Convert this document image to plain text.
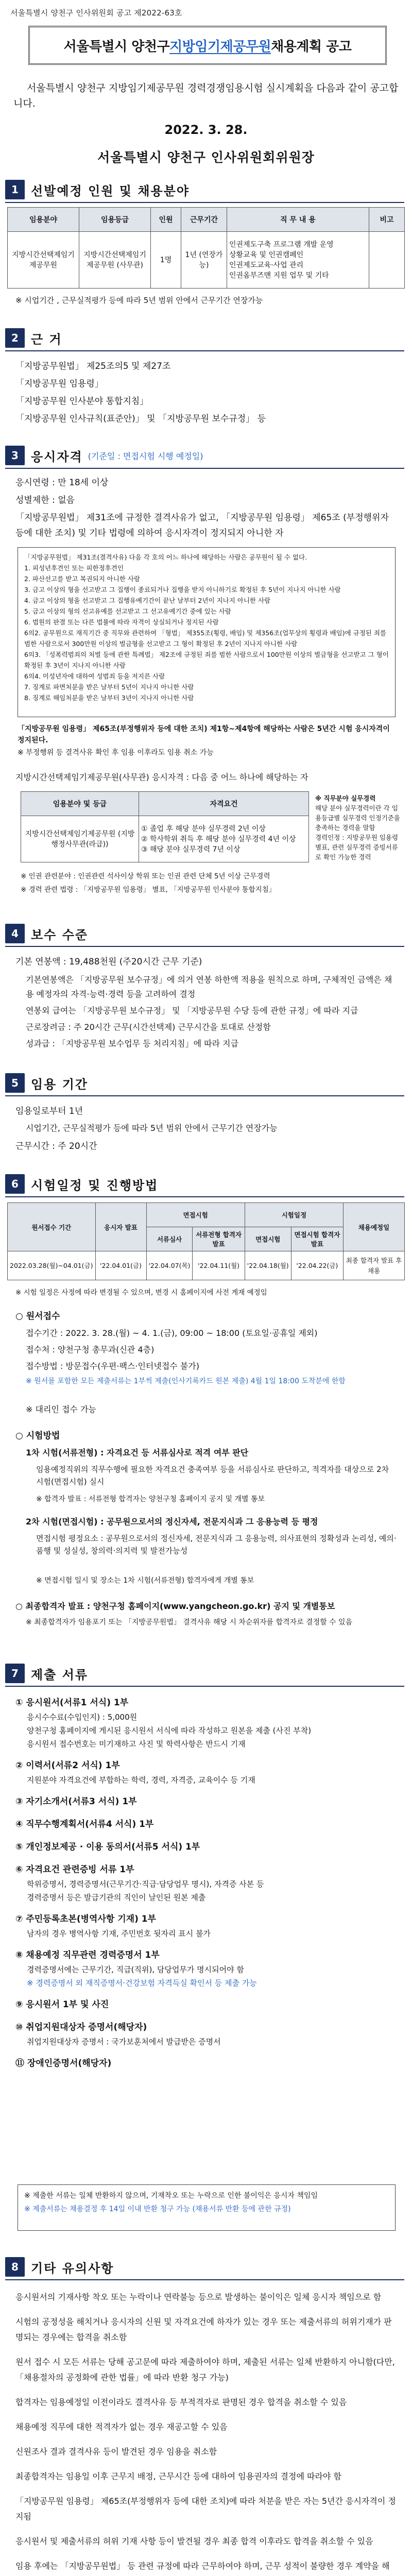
서울특별시 양천구 인사위원회 공고 제2022-63호
서울특별시 양천구 지방임기제공무원 채용계획 공고
서울특별시 양천구 지방임기제공무원 경력경쟁임용시험 실시계획을 다음과 같이 공고합니다.
2022. 3. 28.
서울특별시 양천구 인사위원회위원장
1	선발예정 인원 및 채용분야
임용분야	임용등급	인원	근무기간	직 무 내 용	비고
지방시간선택제임기제공무원	지방시간선택제임기제공무원 (사무관)	1명	1년 (연장가능)	인권제도구축 프로그램 개발 운영
상황교육 및 인권캠페인
인권제도교육·사업 관리
인권옴부즈맨 지원 업무 및 기타	

※ 시업기간 , 근무실적평가 등에 따라 5년 범위 안에서 근무기간 연장가능
2	근 거
「지방공무원법」 제25조의5 및 제27조
「지방공무원 임용령」
「지방공무원 인사분야 통합지침」
「지방공무원 인사규칙(표준안)」 및 「지방공무원 보수규정」 등
3	응시자격 (기준일 : 면접시험 시행 예정일)
응시연령 : 만 18세 이상
성별제한 : 없음
「지방공무원법」 제31조에 규정한 결격사유가 없고, 「지방공무원 임용령」 제65조 (부정행위자 등에 대한 조치) 및 기타 법령에 의하여 응시자격이 정지되지 아니한 자
「지방공무원법」 제31조(결격사유) 다음 각 호의 어느 하나에 해당하는 사람은 공무원이 될 수 없다.
1. 피성년후견인 또는 피한정후견인
2. 파산선고를 받고 복권되지 아니한 사람
3. 금고 이상의 형을 선고받고 그 집행이 종료되거나 집행을 받지 아니하기로 확정된 후 5년이 지나지 아니한 사람
4. 금고 이상의 형을 선고받고 그 집행유예기간이 끝난 날부터 2년이 지나지 아니한 사람
5. 금고 이상의 형의 선고유예를 선고받고 그 선고유예기간 중에 있는 사람
6. 법원의 판결 또는 다른 법률에 따라 자격이 상실되거나 정지된 사람
6의2. 공무원으로 재직기간 중 직무와 관련하여 「형법」 제355조(횡령, 배임) 및 제356조(업무상의 횡령과 배임)에 규정된 죄를 범한 사람으로서 300만원 이상의 벌금형을 선고받고 그 형이 확정된 후 2년이 지나지 아니한 사람
6의3. 「성폭력범죄의 처벌 등에 관한 특례법」 제2조에 규정된 죄를 범한 사람으로서 100만원 이상의 벌금형을 선고받고 그 형이 확정된 후 3년이 지나지 아니한 사람
6의4. 미성년자에 대하여 성범죄 등을 저지른 사람
7. 징계로 파면처분을 받은 날부터 5년이 지나지 아니한 사람
8. 징계로 해임처분을 받은 날부터 3년이 지나지 아니한 사람
「지방공무원 임용령」 제65조(부정행위자 등에 대한 조치) 제1항~제4항에 해당하는 사람은 5년간 시험 응시자격이 정지된다.
※ 부정행위 등 결격사유 확인 후 임용 이후라도 임용 취소 가능
지방시간선택제임기제공무원(사무관) 응시자격 : 다음 중 어느 하나에 해당하는 자
임용분야 및 등급	자격요건
지방시간선택제임기제공무원 (지방행정사무관(라급))	① 졸업 후 해당 분야 실무경력 2년 이상
② 학사학위 취득 후 해당 분야 실무경력 4년 이상
③ 해당 분야 실무경력 7년 이상
※ 직무분야 실무경력
해당 분야 실무경력이란 각 임용등급별 실무경력 인정기준을 충족하는 경력을 말함
경력인정 : 지방공무원 임용령 별표, 관련 실무경력 증빙서류로 확인 가능한 경력
※ 인권 관련분야 : 인권관련 석사이상 학위 또는 인권 관련 단체 5년 이상 근무경력
※ 경력 관련 법령 : 「지방공무원 임용령」 별표, 「지방공무원 인사분야 통합지침」
4	보수 수준
기본 연봉액 : 19,488천원 (주20시간 근무 기준)
기본연봉액은 「지방공무원 보수규정」에 의거 연봉 하한액 적용을 원칙으로 하며, 구체적인 금액은 채용 예정자의 자격·능력·경력 등을 고려하여 결정
연봉외 급여는 「지방공무원 보수규정」 및 「지방공무원 수당 등에 관한 규정」에 따라 지급
근로장려금 : 주 20시간 근무(시간선택제) 근무시간을 토대로 산정함
성과급 : 「지방공무원 보수업무 등 처리지침」에 따라 지급
5	임용 기간
임용일로부터 1년
시업기간, 근무실적평가 등에 따라 5년 범위 안에서 근무기간 연장가능
근무시간 : 주 20시간
6	시험일정 및 진행방법
원서접수 기간	응시자 발표	면접시험		시험일정		채용예정일
		서류심사	서류전형 합격자 발표	면접시험	면접시험 합격자 발표	
2022.03.28(월)~04.01(금)	'22.04.01(금)	'22.04.07(목)	'22.04.11(월)	'22.04.18(월)	'22.04.22(금)	최종 합격자 발표 후 채용
※ 시험 일정은 사정에 따라 변경될 수 있으며, 변경 시 홈페이지에 사전 게재 예정임
○ 원서접수
접수기간 : 2022. 3. 28.(월) ~ 4. 1.(금), 09:00 ~ 18:00 (토요일·공휴일 제외)
접수처 : 양천구청 총무과(신관 4층)
접수방법 : 방문접수(우편·팩스·인터넷접수 불가)
※ 원서를 포함한 모든 제출서류는 1부씩 제출(인사기록카드 원본 제출) 4월 1일 18:00 도착분에 한함
※ 대리인 접수 가능
○ 시험방법
1차 시험(서류전형) : 자격요건 등 서류심사로 적격 여부 판단
임용예정직위의 직무수행에 필요한 자격요건 충족여부 등을 서류심사로 판단하고, 적격자를 대상으로 2차 시험(면접시험) 실시
※ 합격자 발표 : 서류전형 합격자는 양천구청 홈페이지 공지 및 개별 통보
2차 시험(면접시험) : 공무원으로서의 정신자세, 전문지식과 그 응용능력 등 평정
면접시험 평정요소 : 공무원으로서의 정신자세, 전문지식과 그 응용능력, 의사표현의 정확성과 논리성, 예의·품행 및 성실성, 창의력·의지력 및 발전가능성
※ 면접시험 일시 및 장소는 1차 시험(서류전형) 합격자에게 개별 통보
○ 최종합격자 발표 : 양천구청 홈페이지(www.yangcheon.go.kr) 공지 및 개별통보
※ 최종합격자가 임용포기 또는 「지방공무원법」 결격사유 해당 시 차순위자를 합격자로 결정할 수 있음
7	제출 서류
① 응시원서(서류1 서식) 1부
응시수수료(수입인지) : 5,000원
양천구청 홈페이지에 게시된 응시원서 서식에 따라 작성하고 원본을 제출 (사진 부착)
응시원서 접수번호는 미기재하고 사진 및 학력사항은 반드시 기재
② 이력서(서류2 서식) 1부
지원분야 자격요건에 부합하는 학력, 경력, 자격증, 교육이수 등 기재
③ 자기소개서(서류3 서식) 1부
④ 직무수행계획서(서류4 서식) 1부
⑤ 개인정보제공 · 이용 동의서(서류5 서식) 1부
⑥ 자격요건 관련증빙 서류 1부
학위증명서, 경력증명서(근무기간·직급·담당업무 명시), 자격증 사본 등
경력증명서 등은 발급기관의 직인이 날인된 원본 제출
⑦ 주민등록초본(병역사항 기재) 1부
남자의 경우 병역사항 기재, 주민번호 뒷자리 표시 불가
⑧ 채용예정 직무관련 경력증명서 1부
경력증명서에는 근무기간, 직급(직위), 담당업무가 명시되어야 함
※ 경력증명서 외 재직증명서·건강보험 자격득실 확인서 등 제출 가능
⑨ 응시원서 1부 및 사진
⑩ 취업지원대상자 증명서(해당자)
취업지원대상자 증명서 : 국가보훈처에서 발급받은 증명서
⑪ 장애인증명서(해당자)
※ 제출한 서류는 일체 반환하지 않으며, 기재착오 또는 누락으로 인한 불이익은 응시자 책임임
※ 제출서류는 채용결정 후 14일 이내 반환 청구 가능 (채용서류 반환 등에 관한 규정)
8	기타 유의사항
응시원서의 기재사항 착오 또는 누락이나 연락불능 등으로 발생하는 불이익은 일체 응시자 책임으로 함
시험의 공정성을 해치거나 응시자의 신원 및 자격요건에 하자가 있는 경우 또는 제출서류의 허위기재가 판명되는 경우에는 합격을 취소함
원서 접수 시 모든 서류는 당해 공고문에 따라 제출하여야 하며, 제출된 서류는 일체 반환하지 아니함(다만, 「채용절차의 공정화에 관한 법률」에 따라 반환 청구 가능)
합격자는 임용예정일 이전이라도 결격사유 등 부적격자로 판명된 경우 합격을 취소할 수 있음
채용예정 직무에 대한 적격자가 없는 경우 재공고할 수 있음
신원조사 결과 결격사유 등이 발견된 경우 임용을 취소함
최종합격자는 임용일 이후 근무지 배정, 근무시간 등에 대하여 임용권자의 결정에 따라야 함
「지방공무원 임용령」 제65조(부정행위자 등에 대한 조치)에 따라 처분을 받은 자는 5년간 응시자격이 정지됨
응시원서 및 제출서류의 허위 기재 사항 등이 발견될 경우 최종 합격 이후라도 합격을 취소할 수 있음
임용 후에는 「지방공무원법」 등 관련 규정에 따라 근무하여야 하며, 근무 성적이 불량한 경우 계약을 해
